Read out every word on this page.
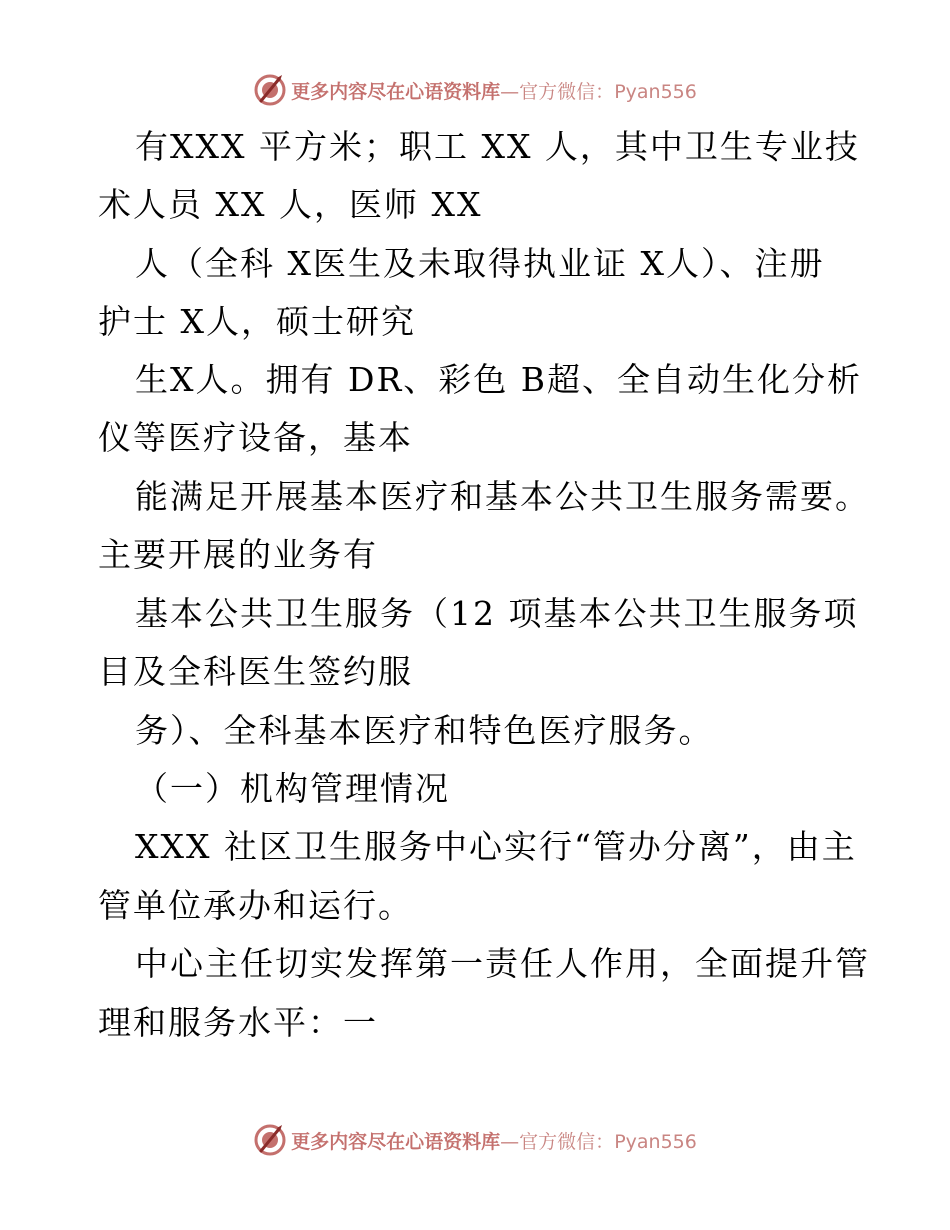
更多内容尽在心语资料库—官方微信：Pyan556
有XXX 平方米；职工 XX 人，其中卫生专业技
术人员 XX 人，医师 XX
人（全科 X医生及未取得执业证 X人）、注册
护士 X人，硕士研究
生X人。拥有 DR、彩色 B超、全自动生化分析
仪等医疗设备，基本
能满足开展基本医疗和基本公共卫生服务需要。
主要开展的业务有
基本公共卫生服务（12 项基本公共卫生服务项
目及全科医生签约服
务）、全科基本医疗和特色医疗服务。
（一）机构管理情况
XXX 社区卫生服务中心实行“管办分离”，由主
管单位承办和运行。
中心主任切实发挥第一责任人作用，全面提升管
理和服务水平：一
更多内容尽在心语资料库—官方微信：Pyan556
